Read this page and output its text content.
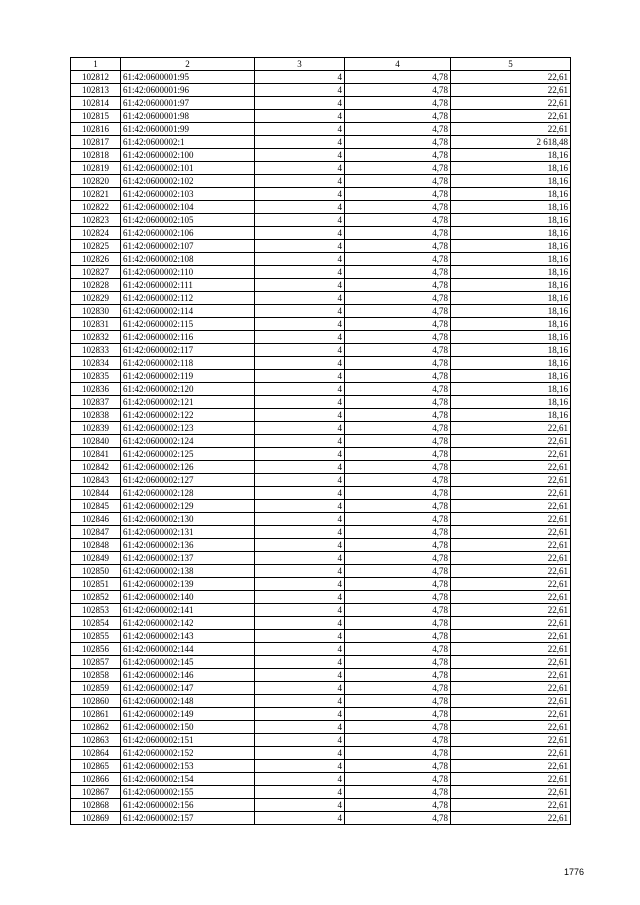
1	2	3	4	5
102812	61:42:0600001:95	4	4,78	22,61
102813	61:42:0600001:96	4	4,78	22,61
102814	61:42:0600001:97	4	4,78	22,61
102815	61:42:0600001:98	4	4,78	22,61
102816	61:42:0600001:99	4	4,78	22,61
102817	61:42:0600002:1	4	4,78	2 618,48
102818	61:42:0600002:100	4	4,78	18,16
102819	61:42:0600002:101	4	4,78	18,16
102820	61:42:0600002:102	4	4,78	18,16
102821	61:42:0600002:103	4	4,78	18,16
102822	61:42:0600002:104	4	4,78	18,16
102823	61:42:0600002:105	4	4,78	18,16
102824	61:42:0600002:106	4	4,78	18,16
102825	61:42:0600002:107	4	4,78	18,16
102826	61:42:0600002:108	4	4,78	18,16
102827	61:42:0600002:110	4	4,78	18,16
102828	61:42:0600002:111	4	4,78	18,16
102829	61:42:0600002:112	4	4,78	18,16
102830	61:42:0600002:114	4	4,78	18,16
102831	61:42:0600002:115	4	4,78	18,16
102832	61:42:0600002:116	4	4,78	18,16
102833	61:42:0600002:117	4	4,78	18,16
102834	61:42:0600002:118	4	4,78	18,16
102835	61:42:0600002:119	4	4,78	18,16
102836	61:42:0600002:120	4	4,78	18,16
102837	61:42:0600002:121	4	4,78	18,16
102838	61:42:0600002:122	4	4,78	18,16
102839	61:42:0600002:123	4	4,78	22,61
102840	61:42:0600002:124	4	4,78	22,61
102841	61:42:0600002:125	4	4,78	22,61
102842	61:42:0600002:126	4	4,78	22,61
102843	61:42:0600002:127	4	4,78	22,61
102844	61:42:0600002:128	4	4,78	22,61
102845	61:42:0600002:129	4	4,78	22,61
102846	61:42:0600002:130	4	4,78	22,61
102847	61:42:0600002:131	4	4,78	22,61
102848	61:42:0600002:136	4	4,78	22,61
102849	61:42:0600002:137	4	4,78	22,61
102850	61:42:0600002:138	4	4,78	22,61
102851	61:42:0600002:139	4	4,78	22,61
102852	61:42:0600002:140	4	4,78	22,61
102853	61:42:0600002:141	4	4,78	22,61
102854	61:42:0600002:142	4	4,78	22,61
102855	61:42:0600002:143	4	4,78	22,61
102856	61:42:0600002:144	4	4,78	22,61
102857	61:42:0600002:145	4	4,78	22,61
102858	61:42:0600002:146	4	4,78	22,61
102859	61:42:0600002:147	4	4,78	22,61
102860	61:42:0600002:148	4	4,78	22,61
102861	61:42:0600002:149	4	4,78	22,61
102862	61:42:0600002:150	4	4,78	22,61
102863	61:42:0600002:151	4	4,78	22,61
102864	61:42:0600002:152	4	4,78	22,61
102865	61:42:0600002:153	4	4,78	22,61
102866	61:42:0600002:154	4	4,78	22,61
102867	61:42:0600002:155	4	4,78	22,61
102868	61:42:0600002:156	4	4,78	22,61
102869	61:42:0600002:157	4	4,78	22,61
1776
